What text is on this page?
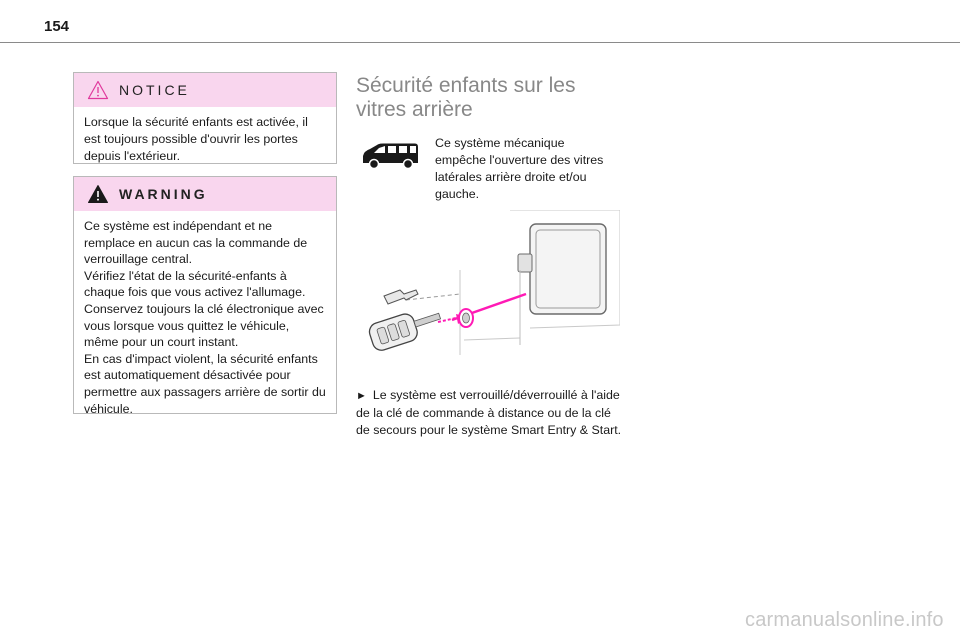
154
NOTICE
Lorsque la sécurité enfants est activée, il est toujours possible d'ouvrir les portes depuis l'extérieur.
WARNING

Ce système est indépendant et ne remplace en aucun cas la commande de verrouillage central.

Vérifiez l'état de la sécurité-enfants à chaque fois que vous activez l'allumage.

Conservez toujours la clé électronique avec vous lorsque vous quittez le véhicule, même pour un court instant.

En cas d'impact violent, la sécurité enfants est automatiquement désactivée pour permettre aux passagers arrière de sortir du véhicule.

Sécurité enfants sur les vitres arrière
Ce système mécanique empêche l'ouverture des vitres latérales arrière droite et/ou gauche.
► Le système est verrouillé/déverrouillé à l'aide de la clé de commande à distance ou de la clé de secours pour le système Smart Entry & Start.
carmanualsonline.info
